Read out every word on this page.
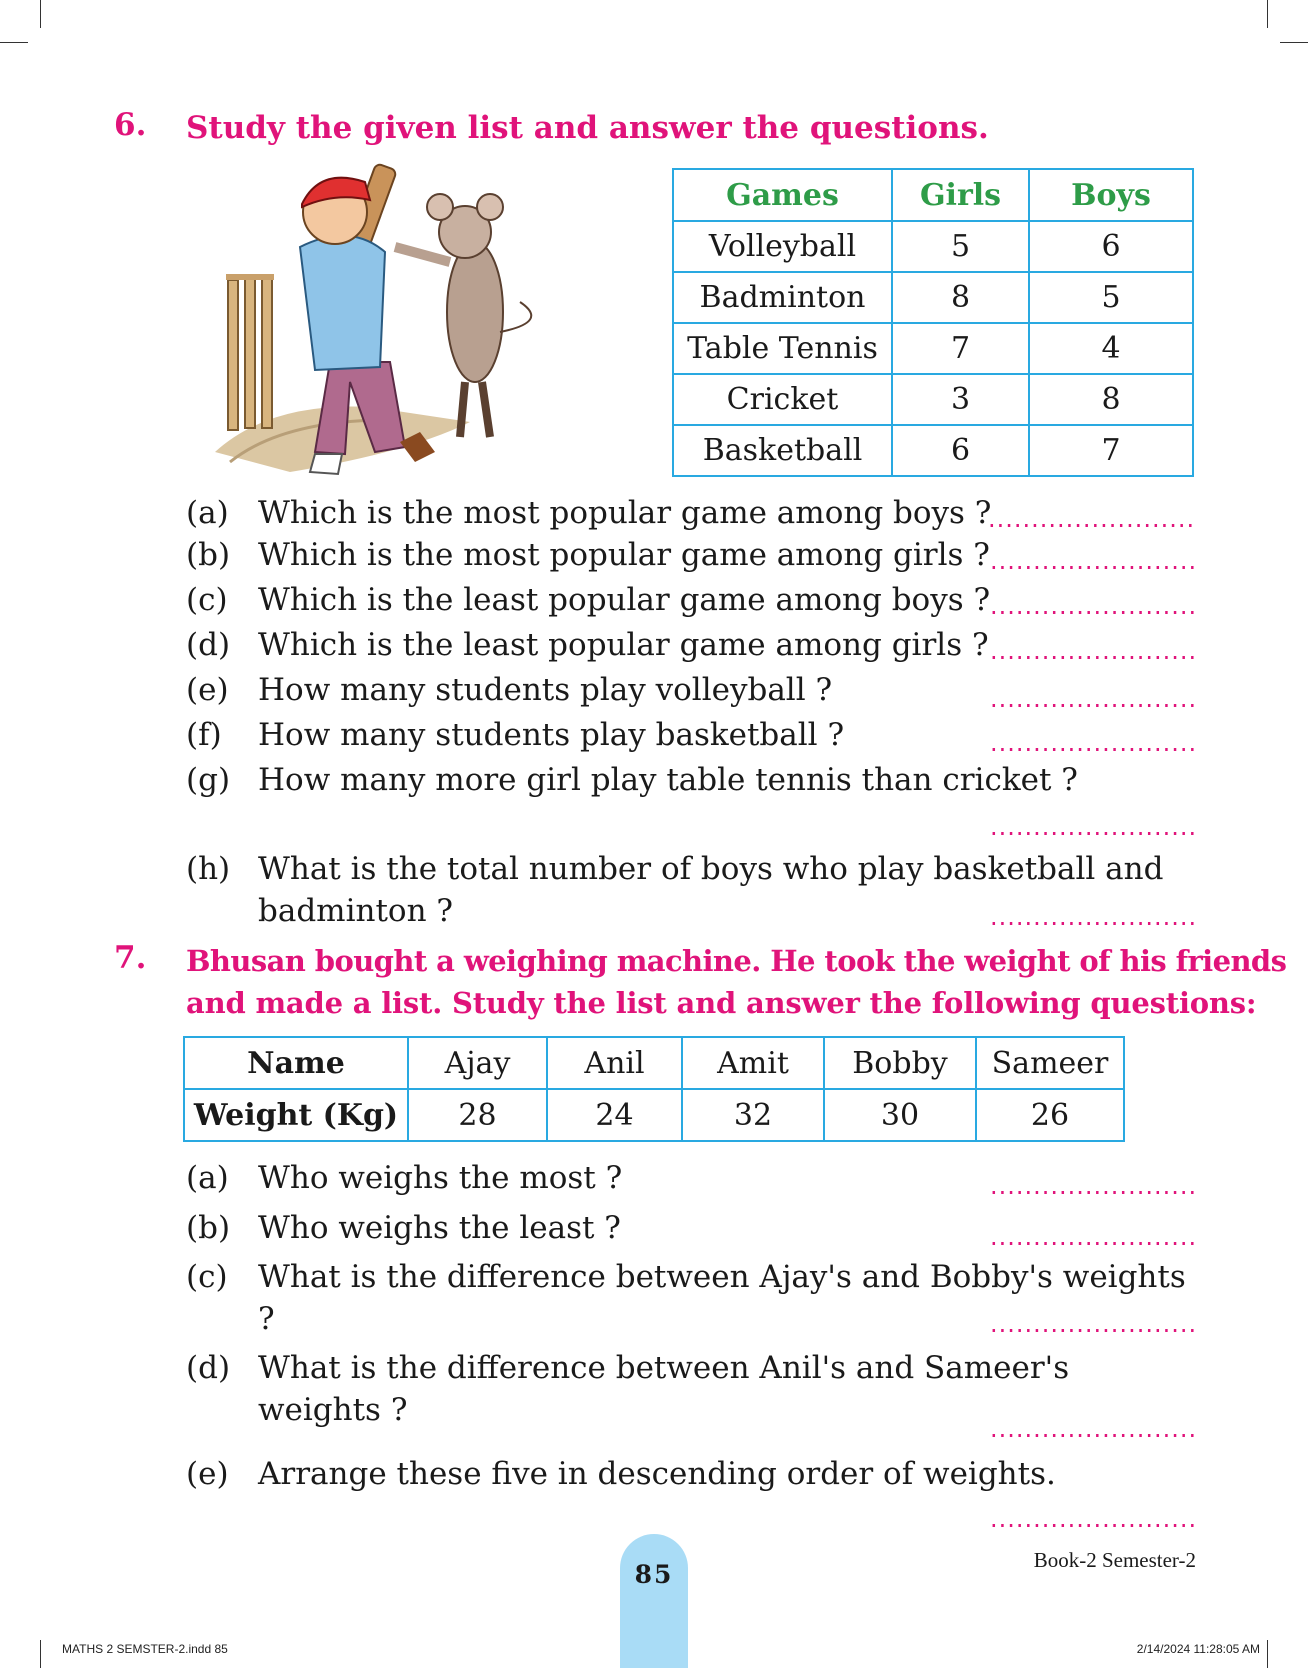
6. Study the given list and answer the questions.
Games	Girls	Boys
Volleyball	5	6
Badminton	8	5
Table Tennis	7	4
Cricket	3	8
Basketball	6	7
(a) Which is the most popular game among boys ?
........................
(b) Which is the most popular game among girls ? ........................
(c) Which is the least popular game among boys ? ........................
(d) Which is the least popular game among girls ? ........................
(e) How many students play volleyball ?	........................
(f) How many students play basketball ?	........................
(g) How many more girl play table tennis than cricket ?
........................
(h) What is the total number of boys who play basketball and
badminton ?	........................
7. Bhusan bought a weighing machine. He took the weight of his friends
and made a list. Study the list and answer the following questions:
Name	Ajay	Anil	Amit	Bobby	Sameer
Weight (Kg)	28	24	32	30	26
(a) Who weighs the most ?	........................
(b) Who weighs the least ?	........................
(c) What is the difference between Ajay's and Bobby's weights ?	........................
(d) What is the difference between Anil's and Sameer's weights ?
........................
(e) Arrange these five in descending order of weights.
........................
85	Book-2 Semester-2
MATHS 2 SEMSTER-2.indd 85	2/14/2024 11:28:05 AM
